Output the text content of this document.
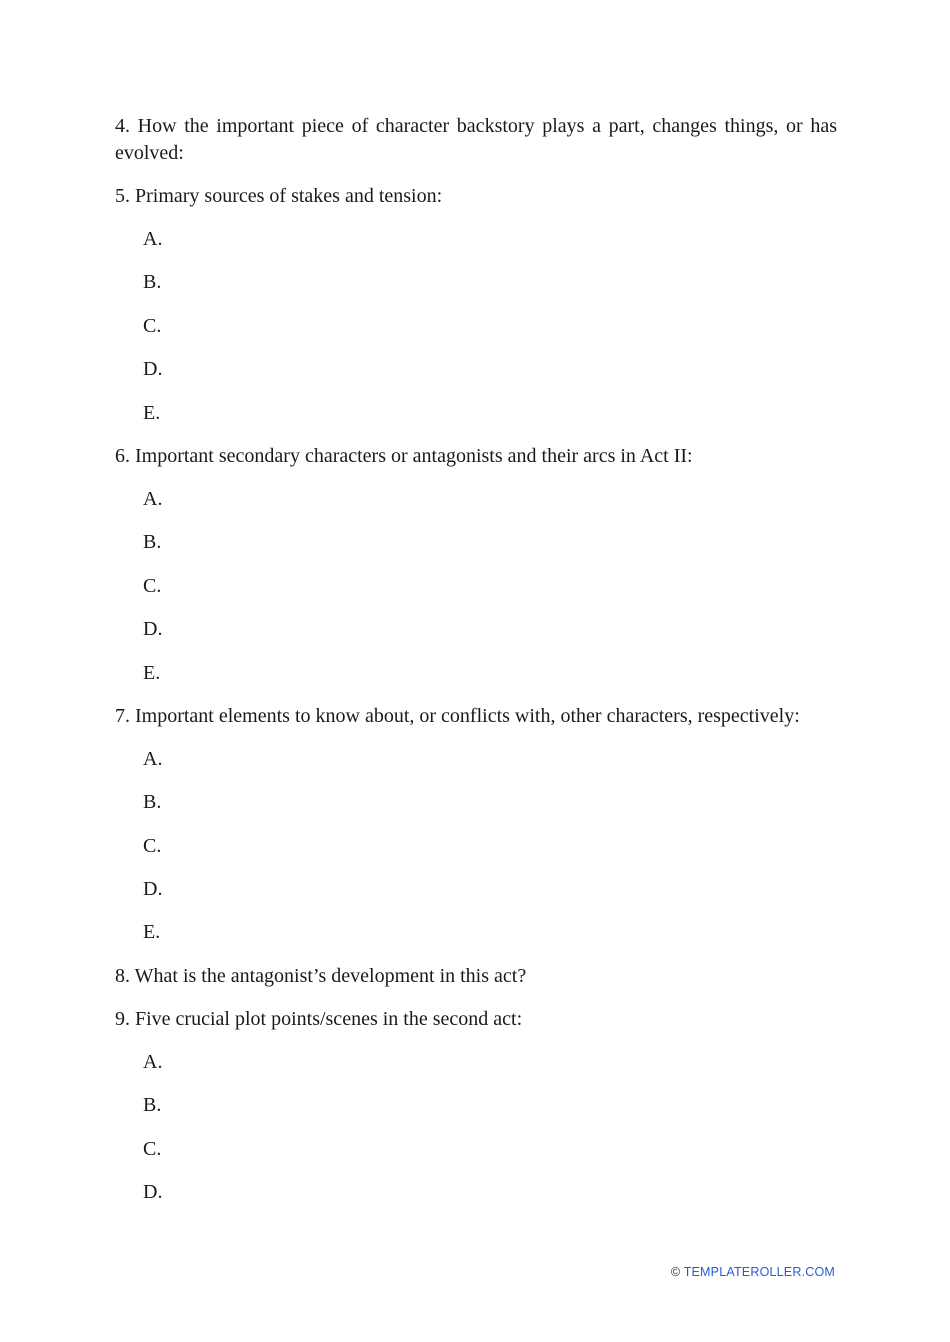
4. How the important piece of character backstory plays a part, changes things, or has evolved:

5. Primary sources of stakes and tension:

A.
B.
C.
D.
E.

6. Important secondary characters or antagonists and their arcs in Act II:

A.
B.
C.
D.
E.

7. Important elements to know about, or conflicts with, other characters, respectively:

A.
B.
C.
D.
E.

8. What is the antagonist’s development in this act?

9. Five crucial plot points/scenes in the second act:

A.
B.
C.
D.
© TEMPLATEROLLER.COM
